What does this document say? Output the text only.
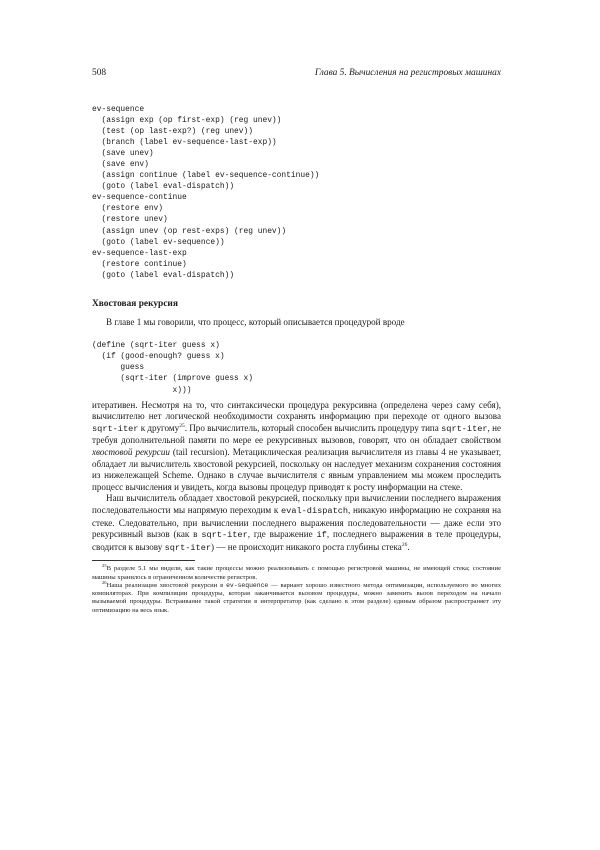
508	Глава 5. Вычисления на регистровых машинах
ev-sequence
(assign exp (op first-exp) (reg unev))
(test (op last-exp?) (reg unev))
(branch (label ev-sequence-last-exp))
(save unev)
(save env)
(assign continue (label ev-sequence-continue))
(goto (label eval-dispatch))
ev-sequence-continue
(restore env)
(restore unev)
(assign unev (op rest-exps) (reg unev))
(goto (label ev-sequence))
ev-sequence-last-exp
(restore continue)
(goto (label eval-dispatch))
Хвостовая рекурсия

В главе 1 мы говорили, что процесс, который описывается процедурой вроде

(define (sqrt-iter guess x)
(if (good-enough? guess x)
guess
(sqrt-iter (improve guess x)
x)))

итеративен. Несмотря на то, что синтаксически процедура рекурсивна (определена через саму себя), вычислителю нет логической необходимости сохранять информацию при переходе от одного вызова sqrt-iter к другому$^{25}$. Про вычислитель, который способен вычислить процедуру типа sqrt-iter, не требуя дополнительной памяти по мере ее рекурсивных вызовов, говорят, что он обладает свойством хвостовой рекурсии (tail recursion). Метациклическая реализация вычислителя из главы 4 не указывает, обладает ли вычислитель хвостовой рекурсией, поскольку он наследует механизм сохранения состояния из нижележащей Scheme. Однако в случае вычислителя с явным управлением мы можем проследить процесс вычисления и увидеть, когда вызовы процедур приводят к росту информации на стеке.

Наш вычислитель обладает хвостовой рекурсией, поскольку при вычислении последнего выражения последовательности мы напрямую переходим к eval-dispatch, никакую информацию не сохраняя на стеке. Следовательно, при вычислении последнего выражения последовательности — даже если это рекурсивный вызов (как в sqrt-iter, где выражение if, последнего выражения в теле процедуры, сводится к вызову sqrt-iter) — не происходит никакого роста глубины стека$^{26}$.

$^{25}$В разделе 5.1 мы видели, как такие процессы можно реализовывать с помощью регистровой машины, не имеющей стека; состояние машины хранилось в ограниченном количестве регистров.

$^{26}$Наша реализация хвостовой рекурсии в ev-sequence — вариант хорошо известного метода оптимизации, используемого во многих компиляторах. При компиляции процедуры, которая заканчивается вызовом процедуры, можно заменить вызов переходом на начало вызываемой процедуры. Встраивание такой стратегии в интерпретатор (как сделано в этом разделе) единым образом распространяет эту оптимизацию на весь язык.
